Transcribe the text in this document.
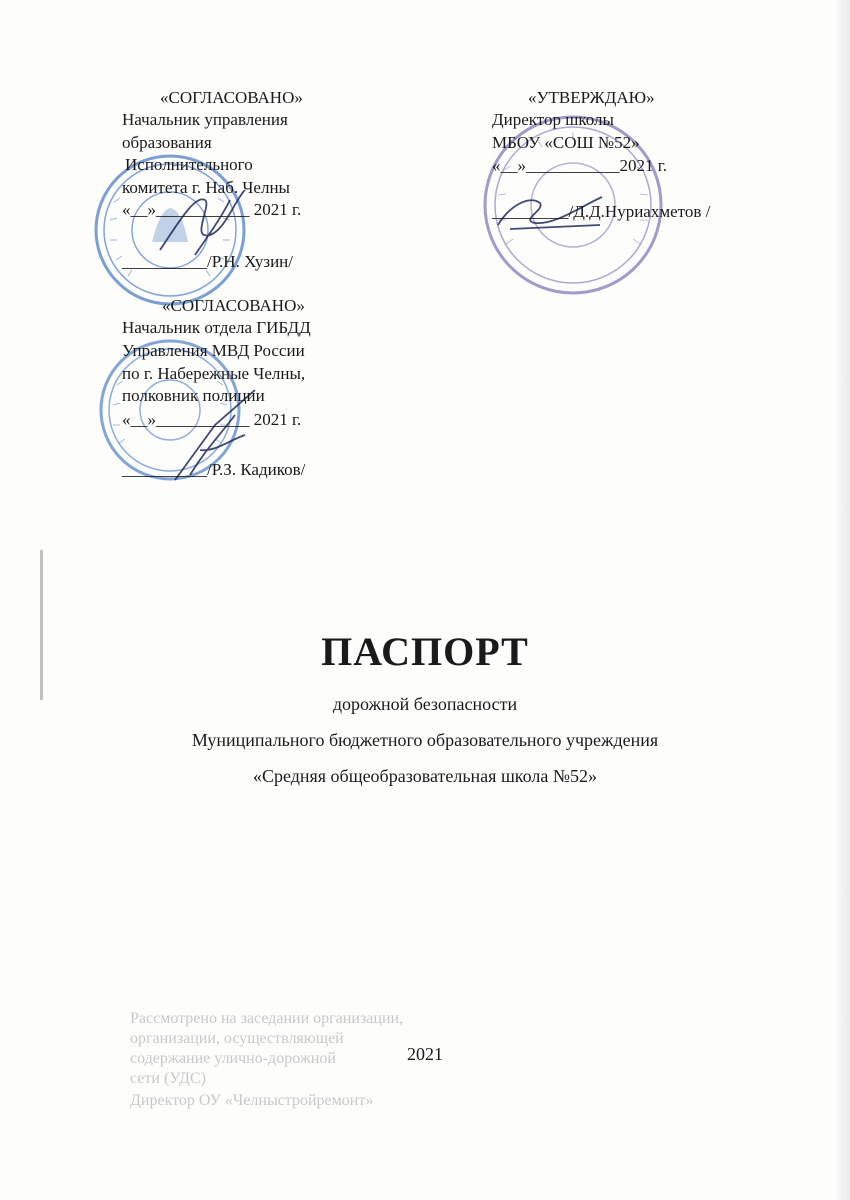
Рассмотрено на заседании организации,
организации, осуществляющей
содержание улично-дорожной
сети (УДС)
Директор ОУ «Челныстройремонт»
«СОГЛАСОВАНО»
Начальник управления
образования
Исполнительного
комитета г. Наб. Челны
«__»___________ 2021 г.
__________/Р.Н. Хузин/
«СОГЛАСОВАНО»
Начальник отдела ГИБДД
Управления МВД России
по г. Набережные Челны,
полковник полиции
«__»___________ 2021 г.
__________/Р.З. Кадиков/
«УТВЕРЖДАЮ»
Директор школы
МБОУ «СОШ №52»
«__»___________2021 г.
_________/Д.Д.Нуриахметов /
ПАСПОРТ
дорожной безопасности
Муниципального бюджетного образовательного учреждения
«Средняя общеобразовательная школа №52»
2021
